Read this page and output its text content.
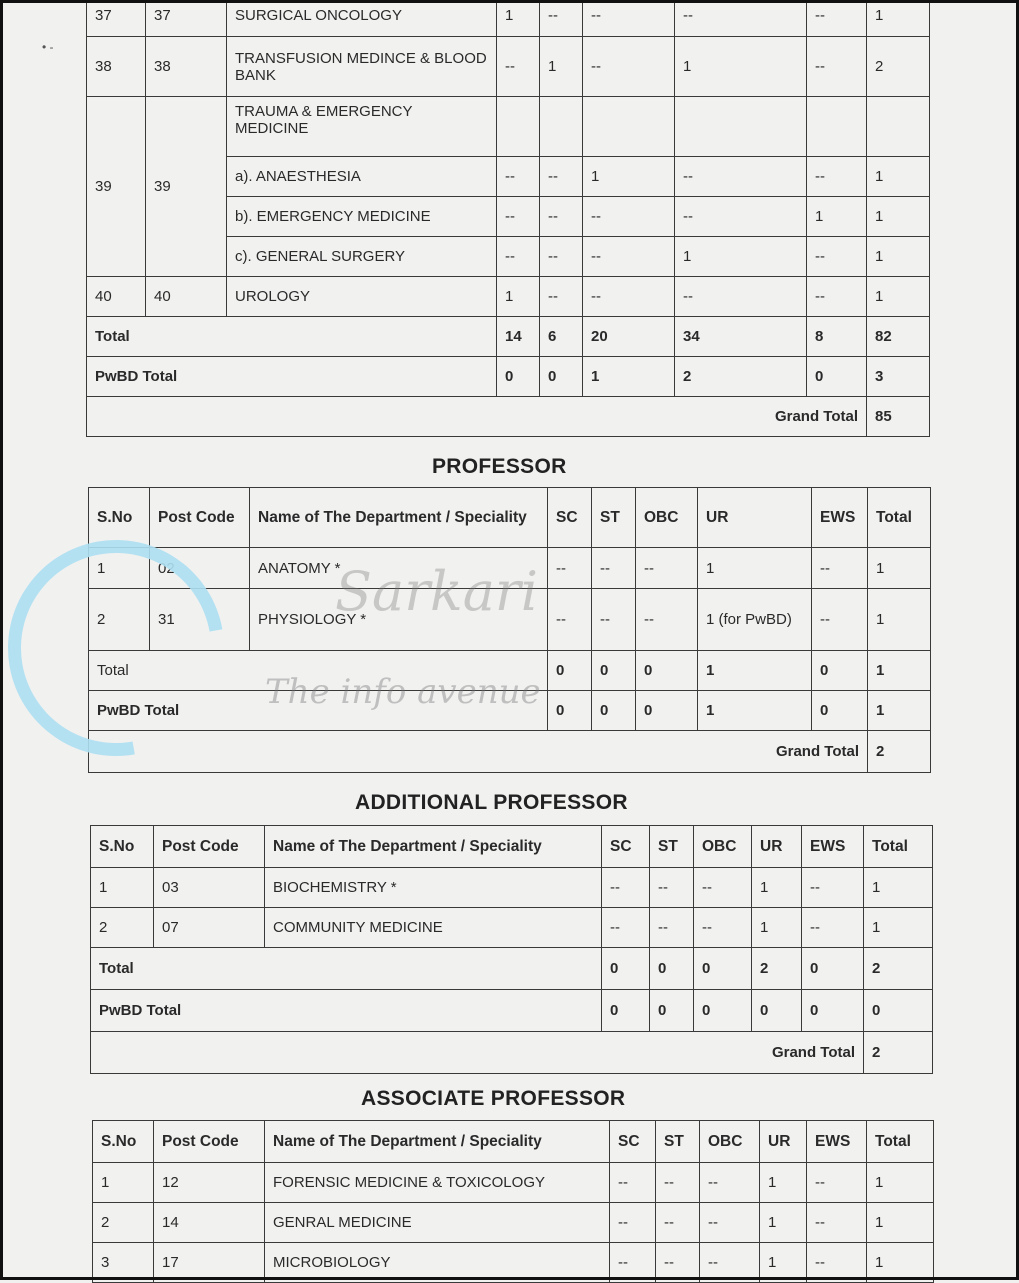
• -
37	37	SURGICAL ONCOLOGY	1	--	--	--	--	1
38	38	TRANSFUSION MEDINCE & BLOOD BANK	--	1	--	1	--	2
39	39	TRAUMA & EMERGENCY MEDICINE						
		a). ANAESTHESIA	--	--	1	--	--	1
		b). EMERGENCY MEDICINE	--	--	--	--	1	1
		c). GENERAL SURGERY	--	--	--	1	--	1
40	40	UROLOGY	1	--	--	--	--	1
Total			14	6	20	34	8	82
PwBD Total			0	0	1	2	0	3
Grand Total								85
PROFESSOR
S.No	Post Code	Name of The Department / Speciality	SC	ST	OBC	UR	EWS	Total
1	02	ANATOMY *	--	--	--	1	--	1
2	31	PHYSIOLOGY *	--	--	--	1 (for PwBD)	--	1
Total			0	0	0	1	0	1
PwBD Total			0	0	0	1	0	1
Grand Total								2
ADDITIONAL PROFESSOR
S.No	Post Code	Name of The Department / Speciality	SC	ST	OBC	UR	EWS	Total
1	03	BIOCHEMISTRY *	--	--	--	1	--	1
2	07	COMMUNITY MEDICINE	--	--	--	1	--	1
Total			0	0	0	2	0	2
PwBD Total			0	0	0	0	0	0
Grand Total								2
ASSOCIATE PROFESSOR
S.No	Post Code	Name of The Department / Speciality	SC	ST	OBC	UR	EWS	Total
1	12	FORENSIC MEDICINE & TOXICOLOGY	--	--	--	1	--	1
2	14	GENRAL MEDICINE	--	--	--	1	--	1
3	17	MICROBIOLOGY	--	--	--	1	--	1
Sarkari
The info avenue
